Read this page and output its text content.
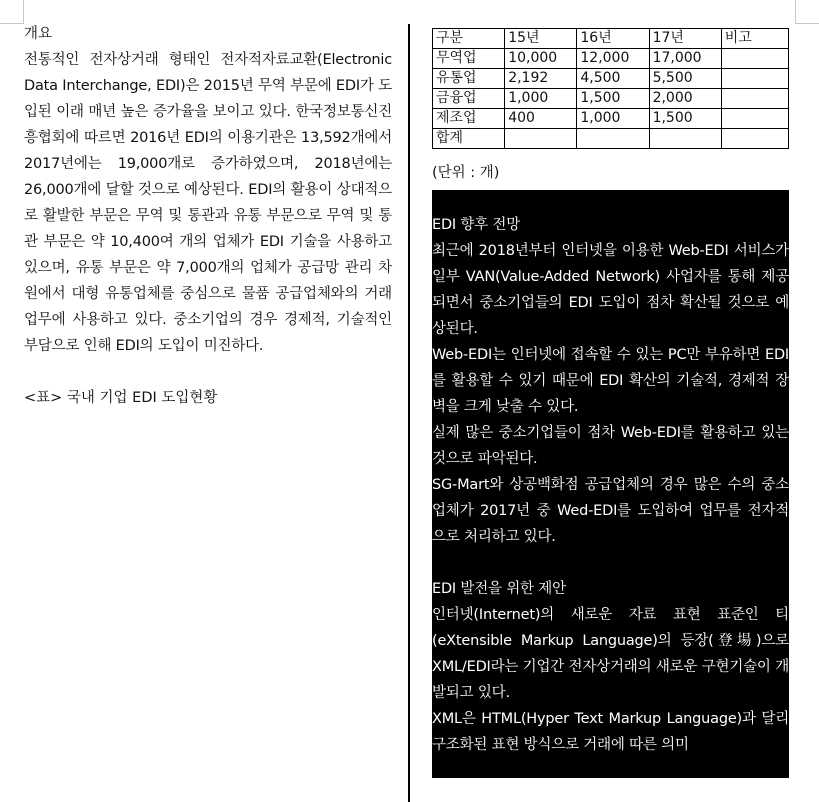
개요

전통적인 전자상거래 형태인 전자적자료교환(Electronic Data Interchange, EDI)은 2015년 무역 부문에 EDI가 도입된 이래 매년 높은 증가율을 보이고 있다. 한국정보통신진흥협회에 따르면 2016년 EDI의 이용기관은 13,592개에서 2017년에는 19,000개로 증가하였으며, 2018년에는 26,000개에 달할 것으로 예상된다. EDI의 활용이 상대적으로 활발한 부문은 무역 및 통관과 유통 부문으로 무역 및 통관 부문은 약 10,400여 개의 업체가 EDI 기술을 사용하고 있으며, 유통 부문은 약 7,000개의 업체가 공급망 관리 차원에서 대형 유통업체를 중심으로 물품 공급업체와의 거래 업무에 사용하고 있다. 중소기업의 경우 경제적, 기술적인 부담으로 인해 EDI의 도입이 미진하다.

<표> 국내 기업 EDI 도입현황

구분	15년	16년	17년	비고
무역업	10,000	12,000	17,000	
유통업	2,192	4,500	5,500	
금융업	1,000	1,500	2,000	
제조업	400	1,000	1,500	
합계				
(단위 : 개)

EDI 향후 전망

최근에 2018년부터 인터넷을 이용한 Web-EDI 서비스가 일부 VAN(Value-Added Network) 사업자를 통해 제공되면서 중소기업들의 EDI 도입이 점차 확산될 것으로 예상된다.

Web-EDI는 인터넷에 접속할 수 있는 PC만 부유하면 EDI를 활용할 수 있기 때문에 EDI 확산의 기술적, 경제적 장벽을 크게 낮출 수 있다.

실제 많은 중소기업들이 점차 Web-EDI를 활용하고 있는 것으로 파악된다.

SG-Mart와 상공백화점 공급업체의 경우 많은 수의 중소업체가 2017년 중 Wed-EDI를 도입하여 업무를 전자적으로 처리하고 있다.

EDI 발전을 위한 제안

인터넷(Internet)의 새로운 자료 표현 표준인 티(eXtensible Markup Language)의 등장(登場)으로 XML/EDI라는 기업간 전자상거래의 새로운 구현기술이 개발되고 있다.

XML은 HTML(Hyper Text Markup Language)과 달리 구조화된 표현 방식으로 거래에 따른 의미
